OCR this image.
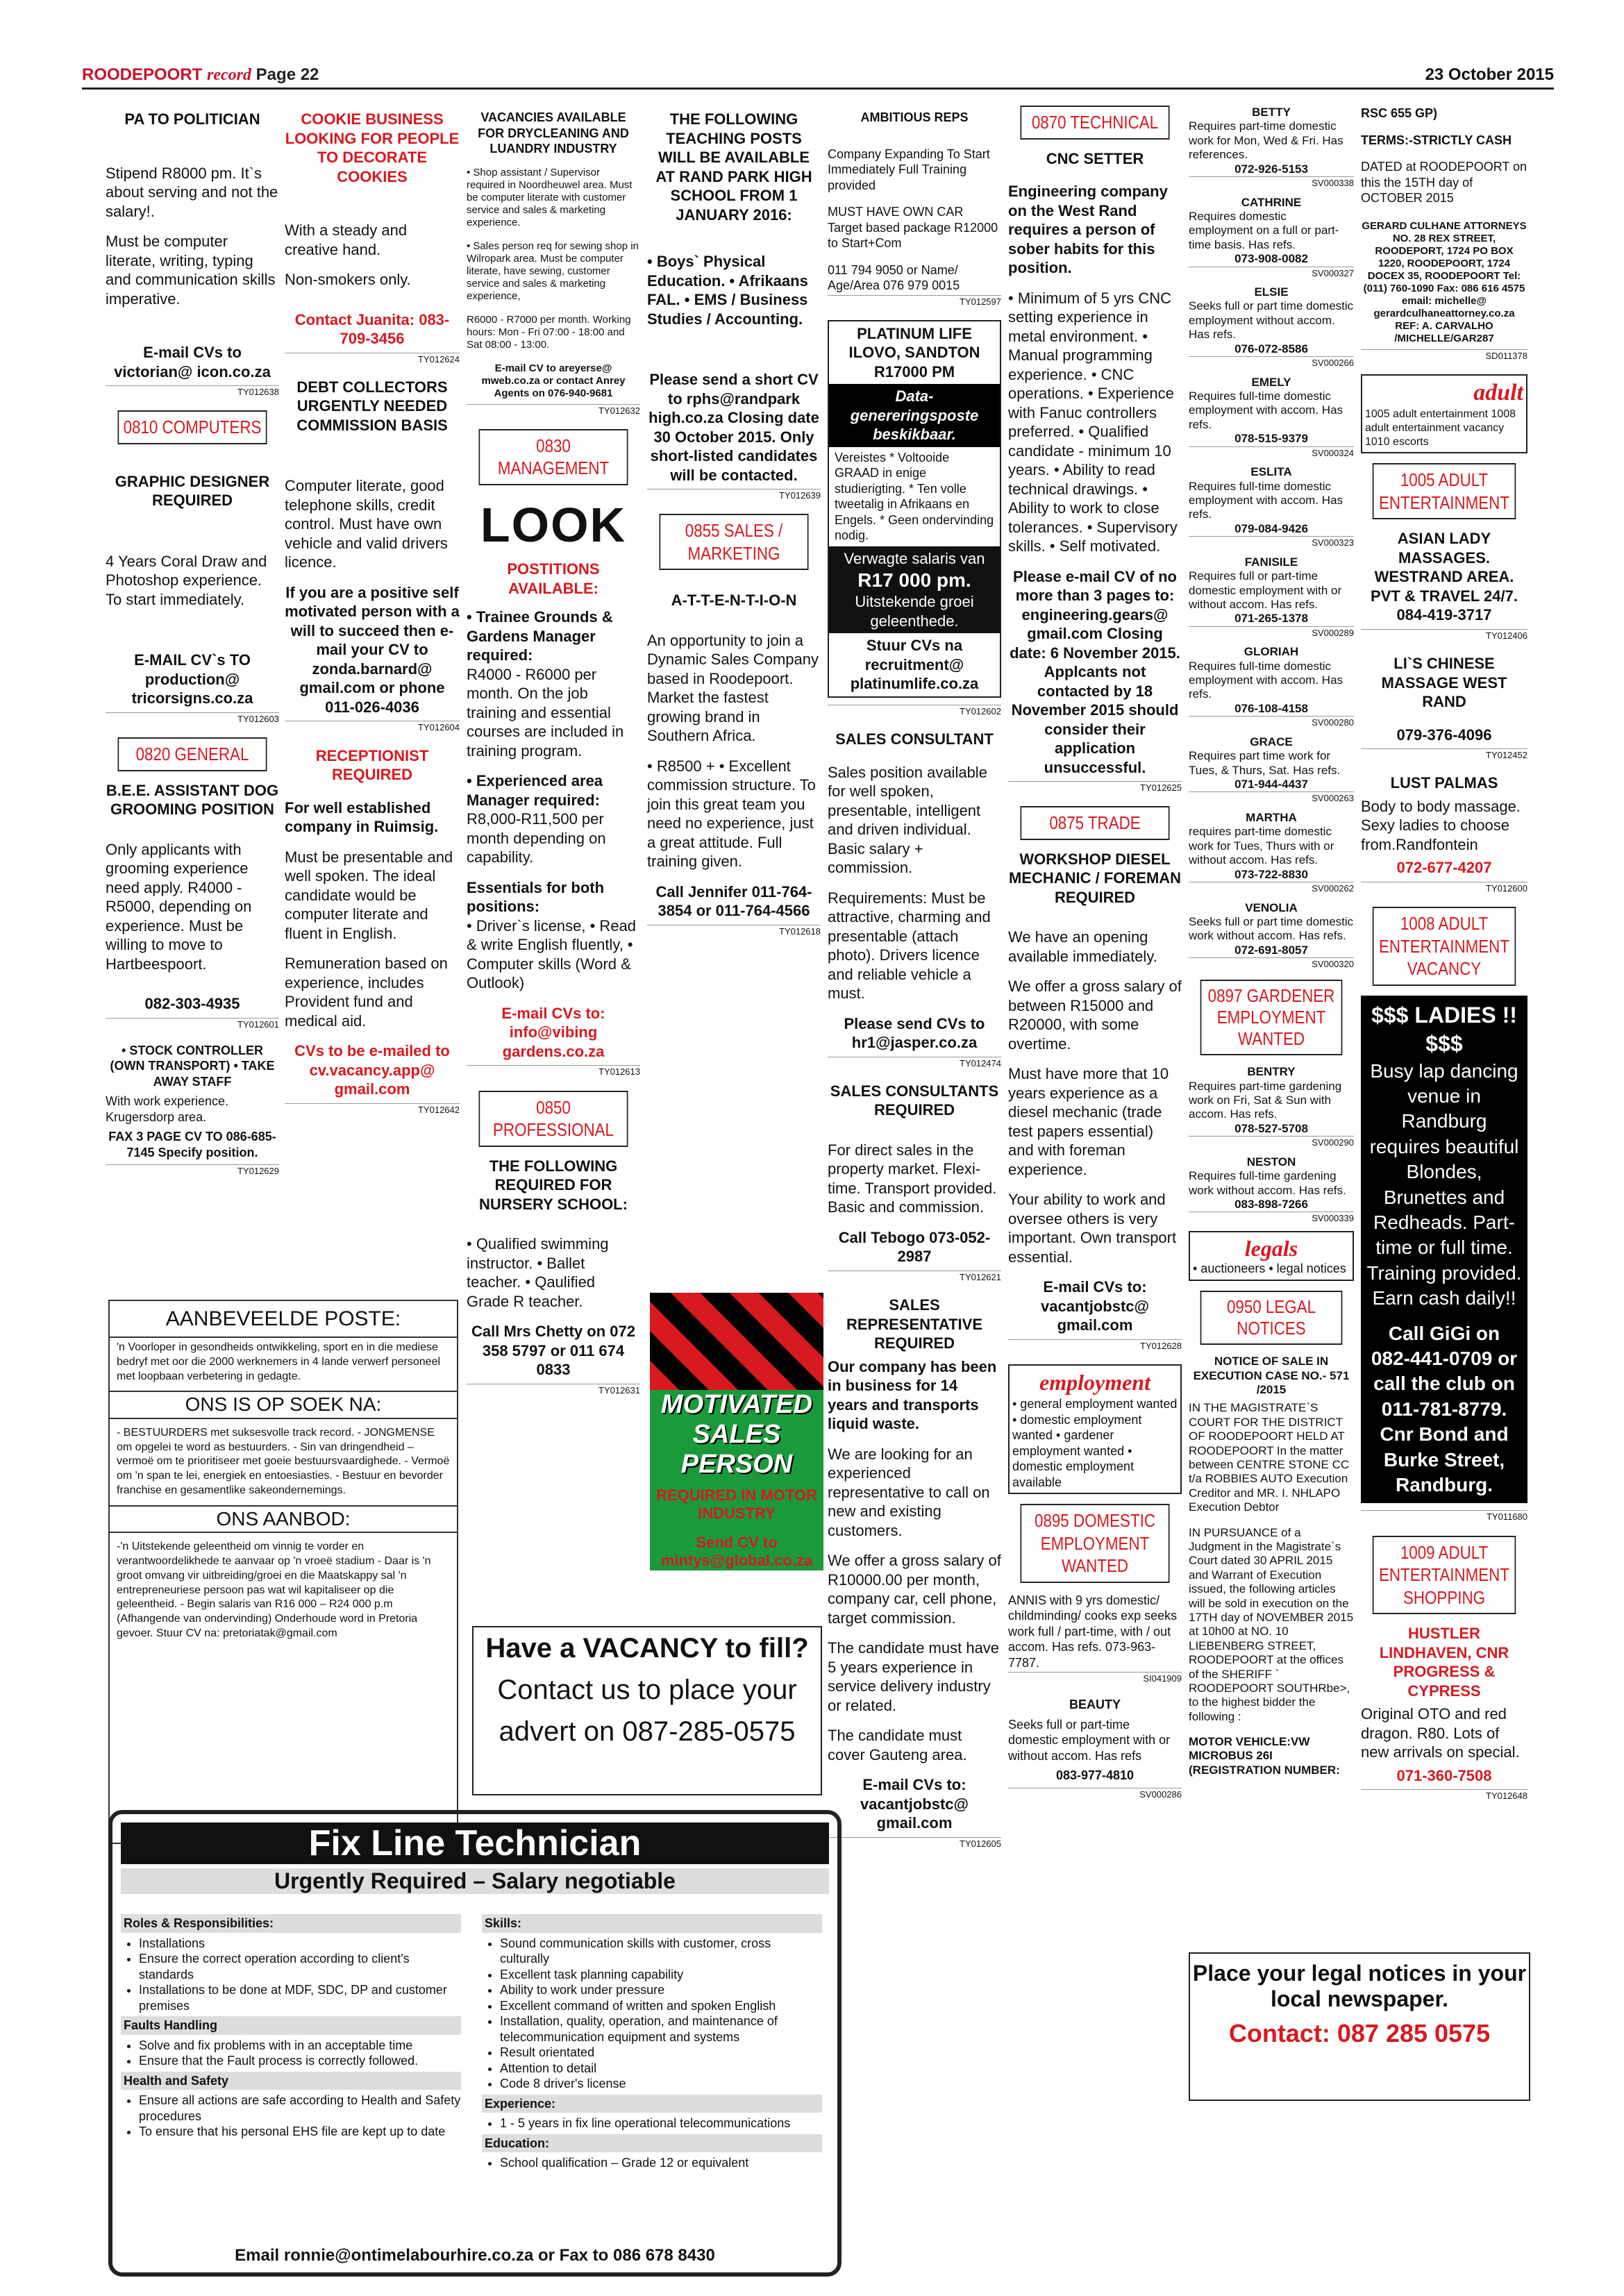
ROODEPOORT record Page 22	23 October 2015
PA TO POLITICIAN

Stipend R8000 pm. It`s about serving and not the salary!.

Must be computer literate, writing, typing and communication skills imperative.

E-mail CVs to victorian@ icon.co.za
TY012638
0810 COMPUTERS
GRAPHIC DESIGNER REQUIRED

4 Years Coral Draw and Photoshop experience. To start immediately.

E-MAIL CV`s TO production@ tricorsigns.co.za
TY012603
0820 GENERAL
B.E.E. ASSISTANT DOG GROOMING POSITION

Only applicants with grooming experience need apply. R4000 - R5000, depending on experience. Must be willing to move to Hartbeespoort.

082-303-4935
TY012601
• STOCK CONTROLLER (OWN TRANSPORT) • TAKE AWAY STAFF
With work experience. Krugersdorp area.
FAX 3 PAGE CV TO 086-685-7145 Specify position.
TY012629
COOKIE BUSINESS LOOKING FOR PEOPLE TO DECORATE COOKIES

With a steady and creative hand.

Non-smokers only.

Contact Juanita: 083-709-3456
TY012624
DEBT COLLECTORS URGENTLY NEEDED COMMISSION BASIS

Computer literate, good telephone skills, credit control. Must have own vehicle and valid drivers licence.

If you are a positive self motivated person with a will to succeed then e-mail your CV to zonda.barnard@ gmail.com or phone 011-026-4036
TY012604
RECEPTIONIST REQUIRED

For well established company in Ruimsig.

Must be presentable and well spoken. The ideal candidate would be computer literate and fluent in English.

Remuneration based on experience, includes Provident fund and medical aid.

CVs to be e-mailed to cv.vacancy.app@ gmail.com
TY012642
VACANCIES AVAILABLE FOR DRYCLEANING AND LUANDRY INDUSTRY

• Shop assistant / Supervisor required in Noordheuwel area. Must be computer literate with customer service and sales & marketing experience.

• Sales person req for sewing shop in Wilropark area. Must be computer literate, have sewing, customer service and sales & marketing experience,

R6000 - R7000 per month. Working hours: Mon - Fri 07:00 - 18:00 and Sat 08:00 - 13:00.

E-mail CV to areyerse@ mweb.co.za or contact Anrey Agents on 076-940-9681
TY012632
0830 MANAGEMENT
LOOK
POSTITIONS AVAILABLE:
• Trainee Grounds & Gardens Manager required:

R4000 - R6000 per month. On the job training and essential courses are included in training program.

• Experienced area Manager required:

R8,000-R11,500 per month depending on capability.

Essentials for both positions:

• Driver`s license, • Read & write English fluently, • Computer skills (Word & Outlook)

E-mail CVs to: info@vibing gardens.co.za
TY012613
0850 PROFESSIONAL
THE FOLLOWING REQUIRED FOR NURSERY SCHOOL:

• Qualified swimming instructor. • Ballet teacher. • Qaulified Grade R teacher.

Call Mrs Chetty on 072 358 5797 or 011 674 0833
TY012631
THE FOLLOWING TEACHING POSTS WILL BE AVAILABLE AT RAND PARK HIGH SCHOOL FROM 1 JANUARY 2016:

• Boys` Physical Education. • Afrikaans FAL. • EMS / Business Studies / Accounting.

Please send a short CV to rphs@randpark high.co.za Closing date 30 October 2015. Only short-listed candidates will be contacted.
TY012639
0855 SALES / MARKETING
A-T-T-E-N-T-I-O-N

An opportunity to join a Dynamic Sales Company based in Roodepoort. Market the fastest growing brand in Southern Africa.

• R8500 + • Excellent commission structure. To join this great team you need no experience, just a great attitude. Full training given.

Call Jennifer 011-764-3854 or 011-764-4566
TY012618
MOTIVATED SALES PERSON
REQUIRED IN MOTOR INDUSTRY
Send CV to mintys@global.co.za
AMBITIOUS REPS

Company Expanding To Start Immediately Full Training provided

MUST HAVE OWN CAR Target based package R12000 to Start+Com

011 794 9050 or Name/ Age/Area 076 979 0015
TY012597
PLATINUM LIFE ILOVO, SANDTON R17000 PM
Data-genereringsposte beskikbaar.
Vereistes * Voltooide GRAAD in enige studierigting. * Ten volle tweetalig in Afrikaans en Engels. * Geen ondervinding nodig.
Verwagte salaris van
R17 000 pm.
Uitstekende groei geleenthede.
Stuur CVs na recruitment@ platinumlife.co.za
TY012602
SALES CONSULTANT

Sales position available for well spoken, presentable, intelligent and driven individual. Basic salary + commission.

Requirements: Must be attractive, charming and presentable (attach photo). Drivers licence and reliable vehicle a must.

Please send CVs to hr1@jasper.co.za
TY012474
SALES CONSULTANTS REQUIRED

For direct sales in the property market. Flexi-time. Transport provided. Basic and commission.

Call Tebogo 073-052-2987
TY012621
SALES REPRESENTATIVE REQUIRED

Our company has been in business for 14 years and transports liquid waste.

We are looking for an experienced representative to call on new and existing customers.

We offer a gross salary of R10000.00 per month, company car, cell phone, target commission.

The candidate must have 5 years experience in service delivery industry or related.

The candidate must cover Gauteng area.

E-mail CVs to: vacantjobstc@ gmail.com
TY012605
0870 TECHNICAL
CNC SETTER

Engineering company on the West Rand requires a person of sober habits for this position.

• Minimum of 5 yrs CNC setting experience in metal environment. • Manual programming experience. • CNC operations. • Experience with Fanuc controllers preferred. • Qualified candidate - minimum 10 years. • Ability to read technical drawings. • Ability to work to close tolerances. • Supervisory skills. • Self motivated.

Please e-mail CV of no more than 3 pages to: engineering.gears@ gmail.com Closing date: 6 November 2015. Applcants not contacted by 18 November 2015 should consider their application unsuccessful.
TY012625
0875 TRADE
WORKSHOP DIESEL MECHANIC / FOREMAN REQUIRED

We have an opening available immediately.

We offer a gross salary of between R15000 and R20000, with some overtime.

Must have more that 10 years experience as a diesel mechanic (trade test papers essential) and with foreman experience.

Your ability to work and oversee others is very important. Own transport essential.

E-mail CVs to: vacantjobstc@ gmail.com
TY012628
employment
• general employment wanted • domestic employment wanted • gardener employment wanted • domestic employment available
0895 DOMESTIC EMPLOYMENT WANTED
ANNIS with 9 yrs domestic/ childminding/ cooks exp seeks work full / part-time, with / out accom. Has refs. 073-963- 7787.
SI041909
BEAUTY
Seeks full or part-time domestic employment with or without accom. Has refs
083-977-4810
SV000286
BETTY
Requires part-time domestic work for Mon, Wed & Fri. Has references.
072-926-5153
SV000338
CATHRINE
Requires domestic employment on a full or part-time basis. Has refs.
073-908-0082
SV000327
ELSIE
Seeks full or part time domestic employment without accom. Has refs.
076-072-8586
SV000266
EMELY
Requires full-time domestic employment with accom. Has refs.
078-515-9379
SV000324
ESLITA
Requires full-time domestic employment with accom. Has refs.
079-084-9426
SV000323
FANISILE
Requires full or part-time domestic employment with or without accom. Has refs.
071-265-1378
SV000289
GLORIAH
Requires full-time domestic employment with accom. Has refs.
076-108-4158
SV000280
GRACE
Requires part time work for Tues, & Thurs, Sat. Has refs.
071-944-4437
SV000263
MARTHA
requires part-time domestic work for Tues, Thurs with or without accom. Has refs.
073-722-8830
SV000262
VENOLIA
Seeks full or part time domestic work without accom. Has refs.
072-691-8057
SV000320
0897 GARDENER EMPLOYMENT WANTED
BENTRY
Requires part-time gardening work on Fri, Sat & Sun with accom. Has refs.
078-527-5708
SV000290
NESTON
Requires full-time gardening work without accom. Has refs.
083-898-7266
SV000339
legals
• auctioneers • legal notices
0950 LEGAL NOTICES
NOTICE OF SALE IN EXECUTION CASE NO.- 571 /2015

IN THE MAGISTRATE`S COURT FOR THE DISTRICT OF ROODEPOORT HELD AT ROODEPOORT In the matter between CENTRE STONE CC t/a ROBBIES AUTO Execution Creditor and MR. I. NHLAPO Execution Debtor

IN PURSUANCE of a Judgment in the Magistrate`s Court dated 30 APRIL 2015 and Warrant of Execution issued, the following articles will be sold in execution on the 17TH day of NOVEMBER 2015 at 10h00 at NO. 10 LIEBENBERG STREET, ROODEPOORT at the offices of the SHERIFF ` ROODEPOORT SOUTHRbe>, to the highest bidder the following :

MOTOR VEHICLE:VW MICROBUS 26I (REGISTRATION NUMBER:

RSC 655 GP)
TERMS:-STRICTLY CASH
DATED at ROODEPOORT on this the 15TH day of OCTOBER 2015
GERARD CULHANE ATTORNEYS NO. 28 REX STREET, ROODEPORT, 1724 PO BOX 1220, ROODEPOORT, 1724 DOCEX 35, ROODEPOORT Tel: (011) 760-1090 Fax: 086 616 4575 email: michelle@ gerardculhaneattorney.co.za REF: A. CARVALHO /MICHELLE/GAR287
SD011378
adult
1005 adult entertainment 1008 adult entertainment vacancy 1010 escorts
1005 ADULT ENTERTAINMENT
ASIAN LADY MASSAGES. WESTRAND AREA. PVT & TRAVEL 24/7. 084-419-3717
TY012406
LI`S CHINESE MASSAGE WEST RAND
079-376-4096
TY012452
LUST PALMAS
Body to body massage. Sexy ladies to choose from.Randfontein
072-677-4207
TY012600
1008 ADULT ENTERTAINMENT VACANCY
$$$ LADIES !! $$$
Busy lap dancing venue in Randburg requires beautiful Blondes, Brunettes and Redheads. Part-time or full time. Training provided. Earn cash daily!!
Call GiGi on 082-441-0709 or call the club on 011-781-8779. Cnr Bond and Burke Street, Randburg.
TY011680
1009 ADULT ENTERTAINMENT SHOPPING
HUSTLER LINDHAVEN, CNR PROGRESS & CYPRESS
Original OTO and red dragon. R80. Lots of new arrivals on special.
071-360-7508
TY012648
AANBEVEELDE POSTE:
'n Voorloper in gesondheids ontwikkeling, sport en in die mediese bedryf met oor die 2000 werknemers in 4 lande verwerf personeel met loopbaan verbetering in gedagte.
ONS IS OP SOEK NA:
- BESTUURDERS met suksesvolle track record. - JONGMENSE om opgelei te word as bestuurders. - Sin van dringendheid – vermoë om te prioritiseer met goeie bestuursvaardighede. - Vermoë om 'n span te lei, energiek en entoesiasties. - Bestuur en bevorder franchise en gesamentlike sakeondernemings.
ONS AANBOD:
-'n Uitstekende geleentheid om vinnig te vorder en verantwoordelikhede te aanvaar op 'n vroeë stadium - Daar is 'n groot omvang vir uitbreiding/groei en die Maatskappy sal 'n entrepreneuriese persoon pas wat wil kapitaliseer op die geleentheid. - Begin salaris van R16 000 – R24 000 p.m (Afhangende van ondervinding) Onderhoude word in Pretoria gevoer. Stuur CV na: pretoriatak@gmail.com	Have a VACANCY to fill?
Contact us to place your advert on 087-285-0575
Fix Line Technician
Urgently Required – Salary negotiable
Roles & Responsibilities:
• Installations
• Ensure the correct operation according to client's standards
• Installations to be done at MDF, SDC, DP and customer premises
Faults Handling
• Solve and fix problems with in an acceptable time
• Ensure that the Fault process is correctly followed.
Health and Safety
• Ensure all actions are safe according to Health and Safety procedures
• To ensure that his personal EHS file are kept up to date
Skills:
• Sound communication skills with customer, cross culturally
• Excellent task planning capability
• Ability to work under pressure
• Excellent command of written and spoken English
• Installation, quality, operation, and maintenance of telecommunication equipment and systems
• Result orientated
• Attention to detail
• Code 8 driver's license
Experience:
• 1 - 5 years in fix line operational telecommunications
Education:
• School qualification – Grade 12 or equivalent
Email ronnie@ontimelabourhire.co.za or Fax to 086 678 8430
Place your legal notices in your local newspaper.
Contact: 087 285 0575
